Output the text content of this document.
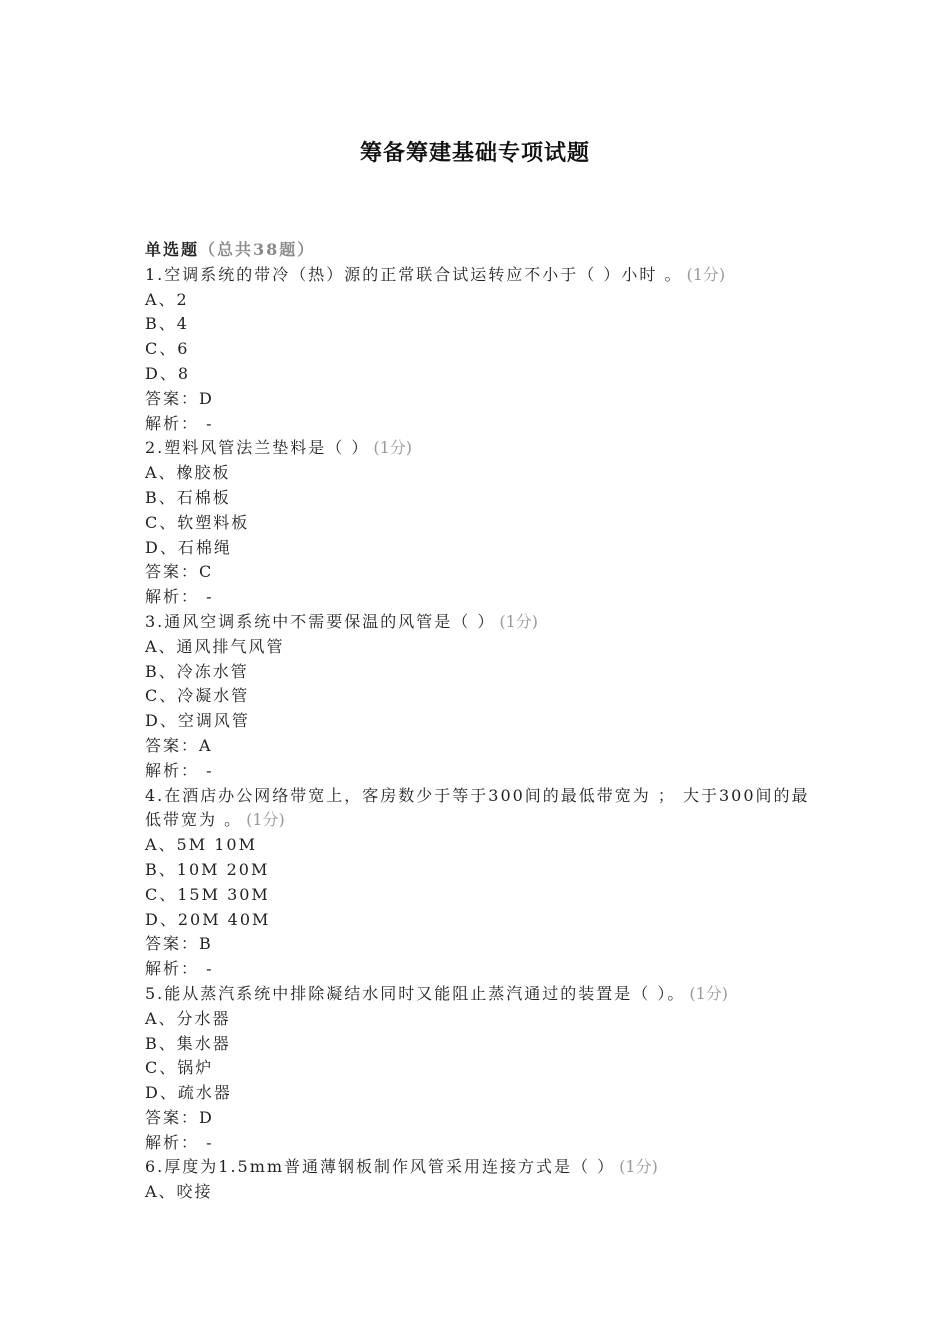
筹备筹建基础专项试题
单选题（总共38题）
1.空调系统的带冷（热）源的正常联合试运转应不小于（ ）小时 。 (1分)
A、2
B、4
C、6
D、8
答案：D
解析： -
2.塑料风管法兰垫料是（ ） (1分)
A、橡胶板
B、石棉板
C、软塑料板
D、石棉绳
答案：C
解析： -
3.通风空调系统中不需要保温的风管是（ ） (1分)
A、通风排气风管
B、冷冻水管
C、冷凝水管
D、空调风管
答案：A
解析： -
4.在酒店办公网络带宽上，客房数少于等于300间的最低带宽为 ； 大于300间的最低带宽为 。 (1分)
A、5M 10M
B、10M 20M
C、15M 30M
D、20M 40M
答案：B
解析： -
5.能从蒸汽系统中排除凝结水同时又能阻止蒸汽通过的装置是（ ）。 (1分)
A、分水器
B、集水器
C、锅炉
D、疏水器
答案：D
解析： -
6.厚度为1.5mm普通薄钢板制作风管采用连接方式是（ ） (1分)
A、咬接
